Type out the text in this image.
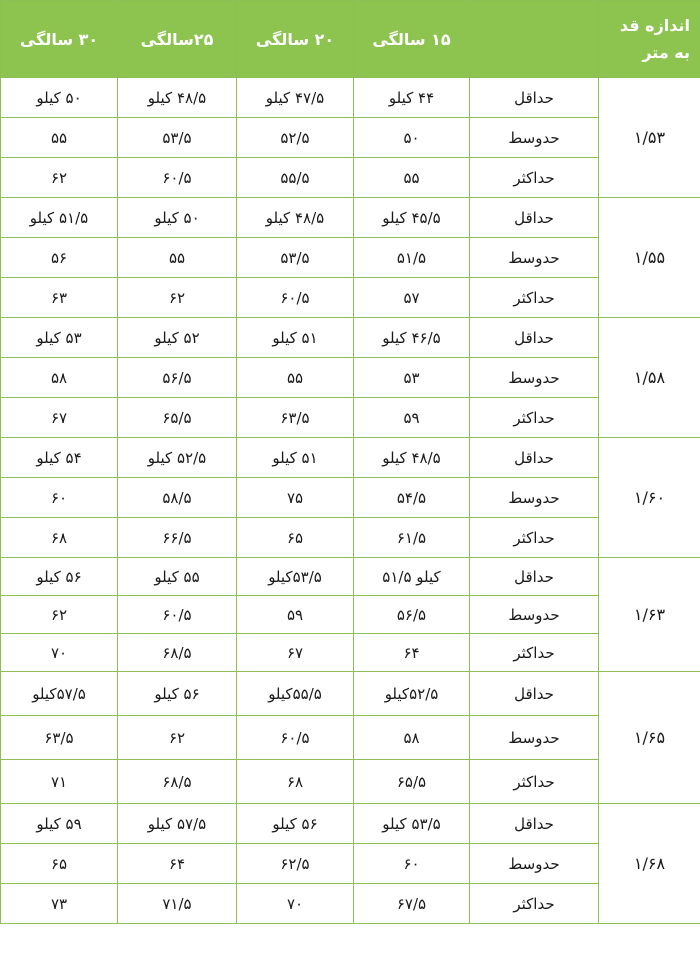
اندازه قد به متر		۱۵ سالگی	۲۰ سالگی	۲۵سالگی	۳۰ سالگی
۱/۵۳	حداقل	۴۴ کیلو	۴۷/۵ کیلو	۴۸/۵ کیلو	۵۰ کیلو
	حدوسط	۵۰	۵۲/۵	۵۳/۵	۵۵
	حداکثر	۵۵	۵۵/۵	۶۰/۵	۶۲
۱/۵۵	حداقل	۴۵/۵ کیلو	۴۸/۵ کیلو	۵۰ کیلو	۵۱/۵ کیلو
	حدوسط	۵۱/۵	۵۳/۵	۵۵	۵۶
	حداکثر	۵۷	۶۰/۵	۶۲	۶۳
۱/۵۸	حداقل	۴۶/۵ کیلو	۵۱ کیلو	۵۲ کیلو	۵۳ کیلو
	حدوسط	۵۳	۵۵	۵۶/۵	۵۸
	حداکثر	۵۹	۶۳/۵	۶۵/۵	۶۷
۱/۶۰	حداقل	۴۸/۵ کیلو	۵۱ کیلو	۵۲/۵ کیلو	۵۴ کیلو
	حدوسط	۵۴/۵	۷۵	۵۸/۵	۶۰
	حداکثر	۶۱/۵	۶۵	۶۶/۵	۶۸
۱/۶۳	حداقل	کیلو ۵۱/۵	۵۳/۵کیلو	۵۵ کیلو	۵۶ کیلو
	حدوسط	۵۶/۵	۵۹	۶۰/۵	۶۲
	حداکثر	۶۴	۶۷	۶۸/۵	۷۰
۱/۶۵	حداقل	۵۲/۵کیلو	۵۵/۵کیلو	۵۶ کیلو	۵۷/۵کیلو
	حدوسط	۵۸	۶۰/۵	۶۲	۶۳/۵
	حداکثر	۶۵/۵	۶۸	۶۸/۵	۷۱
۱/۶۸	حداقل	۵۳/۵ کیلو	۵۶ کیلو	۵۷/۵ کیلو	۵۹ کیلو
	حدوسط	۶۰	۶۲/۵	۶۴	۶۵
	حداکثر	۶۷/۵	۷۰	۷۱/۵	۷۳
